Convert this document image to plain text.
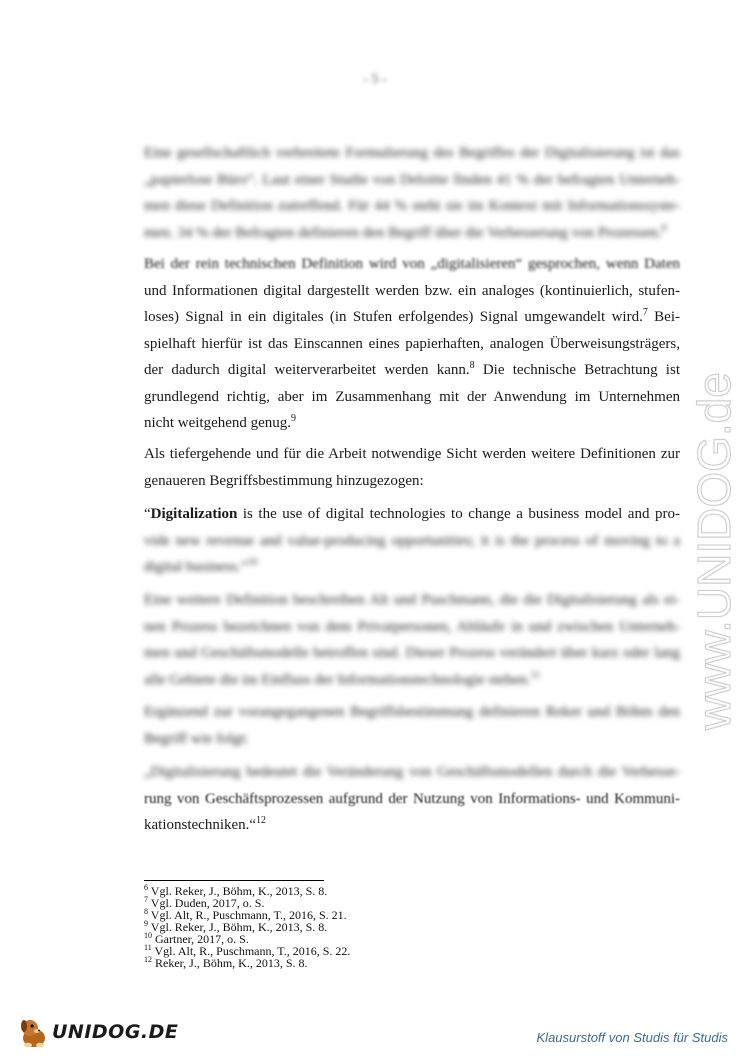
- 5 -
Eine gesellschaftlich verbreitete Formulierung des Begriffes der Digitalisierung ist das
„papierlose Büro“. Laut einer Studie von Deloitte finden 41 % der befragten Unterneh-
men diese Definition zutreffend. Für 44 % steht sie im Kontext mit Informationssyste-
men. 34 % der Befragten definieren den Begriff über die Verbesserung von Prozessen.$^6$
Bei der rein technischen Definition wird von „digitalisieren“ gesprochen, wenn Daten
und Informationen digital dargestellt werden bzw. ein analoges (kontinuierlich, stufen-
loses) Signal in ein digitales (in Stufen erfolgendes) Signal umgewandelt wird.$^7$ Bei-
spielhaft hierfür ist das Einscannen eines papierhaften, analogen Überweisungsträgers,
der dadurch digital weiterverarbeitet werden kann.$^8$ Die technische Betrachtung ist
grundlegend richtig, aber im Zusammenhang mit der Anwendung im Unternehmen
nicht weitgehend genug.$^9$
Als tiefergehende und für die Arbeit notwendige Sicht werden weitere Definitionen zur
genaueren Begriffsbestimmung hinzugezogen:
“Digitalization is the use of digital technologies to change a business model and pro-
vide new revenue and value-producing opportunities; it is the process of moving to a
digital business.”$^{10}$
Eine weitere Definition beschreiben Alt und Puschmann, die die Digitalisierung als ei-
nen Prozess bezeichnen von dem Privatpersonen, Abläufe in und zwischen Unterneh-
men und Geschäftsmodelle betroffen sind. Dieser Prozess verändert über kurz oder lang
alle Gebiete die im Einfluss der Informationstechnologie stehen.$^{11}$
Ergänzend zur vorangegangenen Begriffsbestimmung definieren Reker und Böhm den
Begriff wie folgt:
„Digitalisierung bedeutet die Veränderung von Geschäftsmodellen durch die Verbesse-
rung von Geschäftsprozessen aufgrund der Nutzung von Informations- und Kommuni-
kationstechniken.“$^{12}$
www.UNIDOG.de
$^6$ Vgl. Reker, J., Böhm, K., 2013, S. 8.
$^7$ Vgl. Duden, 2017, o. S.
$^8$ Vgl. Alt, R., Puschmann, T., 2016, S. 21.
$^9$ Vgl. Reker, J., Böhm, K., 2013, S. 8.
$^{10}$ Gartner, 2017, o. S.
$^{11}$ Vgl. Alt, R., Puschmann, T., 2016, S. 22.
$^{12}$ Reker, J., Böhm, K., 2013, S. 8.
UNIDOG.DE	Klausurstoff von Studis für Studis
